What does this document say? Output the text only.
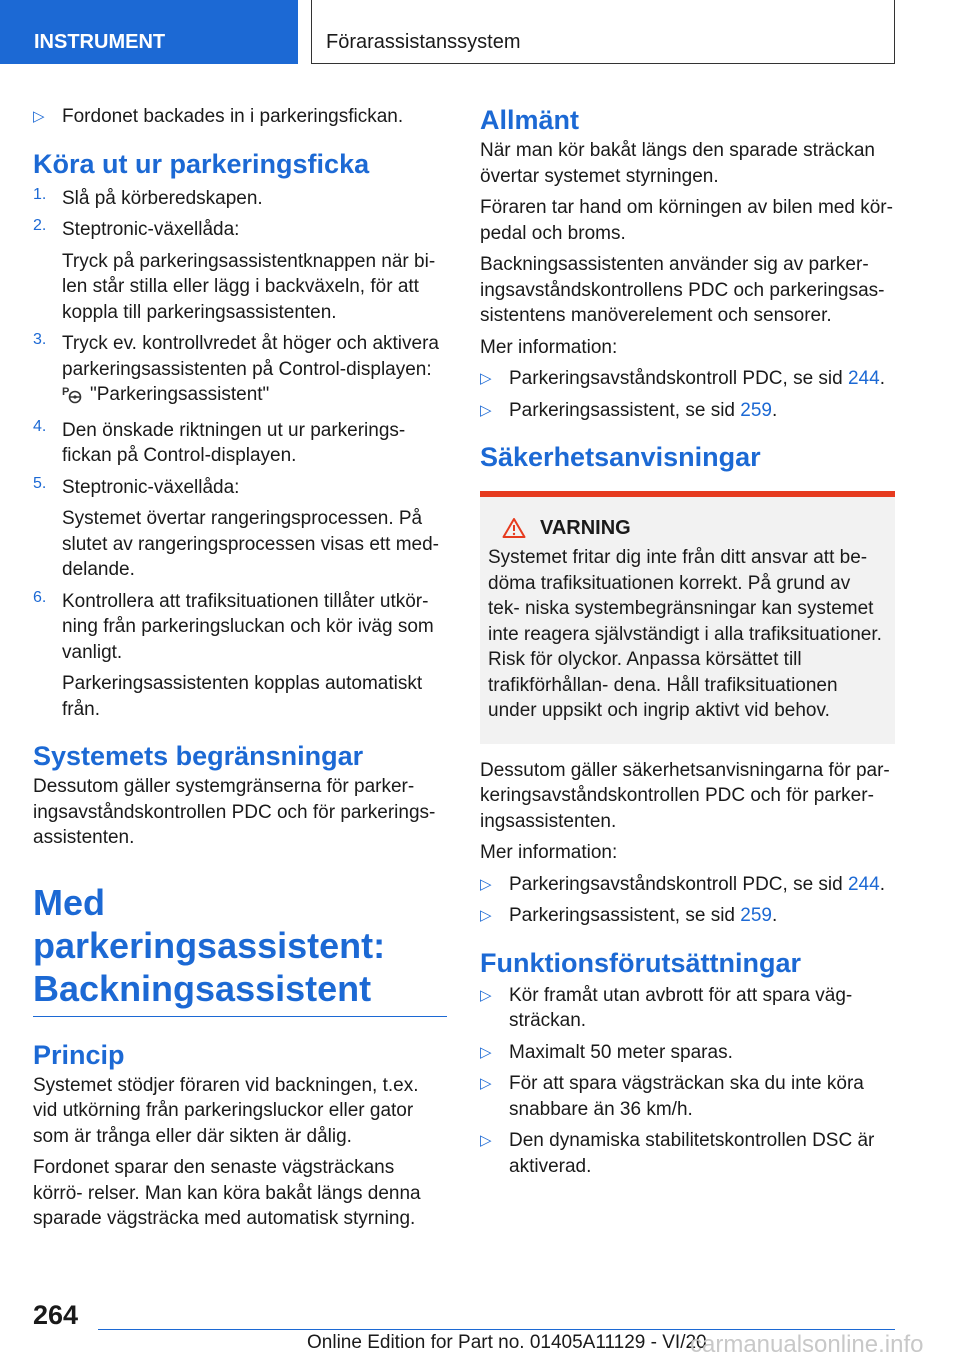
INSTRUMENT	Förarassistanssystem
▷ Fordonet backades in i parkeringsfickan.

Köra ut ur parkeringsficka
1. Slå på körberedskapen.

2. Steptronic-växellåda:

Tryck på parkeringsassistentknappen när bi- len står stilla eller lägg i backväxeln, för att koppla till parkeringsassistenten.

3. Tryck ev. kontrollvredet åt höger och aktivera parkeringsassistenten på Control-displayen:

P "Parkeringsassistent"

4. Den önskade riktningen ut ur parkerings- fickan på Control-displayen.

5. Steptronic-växellåda:

Systemet övertar rangeringsprocessen. På slutet av rangeringsprocessen visas ett med- delande.

6. Kontrollera att trafiksituationen tillåter utkör- ning från parkeringsluckan och kör iväg som vanligt.

Parkeringsassistenten kopplas automatiskt från.

Systemets begränsningar

Dessutom gäller systemgränserna för parker- ingsavståndskontrollen PDC och för parkerings- assistenten.

Med parkeringsassistent:
Backningsassistent
Princip

Systemet stödjer föraren vid backningen, t.ex. vid utkörning från parkeringsluckor eller gator som är trånga eller där sikten är dålig.

Fordonet sparar den senaste vägsträckans körrö- relser. Man kan köra bakåt längs denna sparade vägsträcka med automatisk styrning.

Allmänt

När man kör bakåt längs den sparade sträckan övertar systemet styrningen.

Föraren tar hand om körningen av bilen med kör- pedal och broms.

Backningsassistenten använder sig av parker- ingsavståndskontrollens PDC och parkeringsas- sistentens manöverelement och sensorer.

Mer information:

▷ Parkeringsavståndskontroll PDC, se sid 244.

▷ Parkeringsassistent, se sid 259.

Säkerhetsanvisningar
VARNING

Systemet fritar dig inte från ditt ansvar att be- döma trafiksituationen korrekt. På grund av tek- niska systembegränsningar kan systemet inte reagera självständigt i alla trafiksituationer. Risk för olyckor. Anpassa körsättet till trafikförhållan- dena. Håll trafiksituationen under uppsikt och ingrip aktivt vid behov.

Dessutom gäller säkerhetsanvisningarna för par- keringsavståndskontrollen PDC och för parker- ingsassistenten.

Mer information:

▷ Parkeringsavståndskontroll PDC, se sid 244.

▷ Parkeringsassistent, se sid 259.

Funktionsförutsättningar
▷ Kör framåt utan avbrott för att spara väg- sträckan.

▷ Maximalt 50 meter sparas.

▷ För att spara vägsträckan ska du inte köra snabbare än 36 km/h.

▷ Den dynamiska stabilitetskontrollen DSC är aktiverad.

264
Online Edition for Part no. 01405A11129 - VI/20
carmanualsonline.info
